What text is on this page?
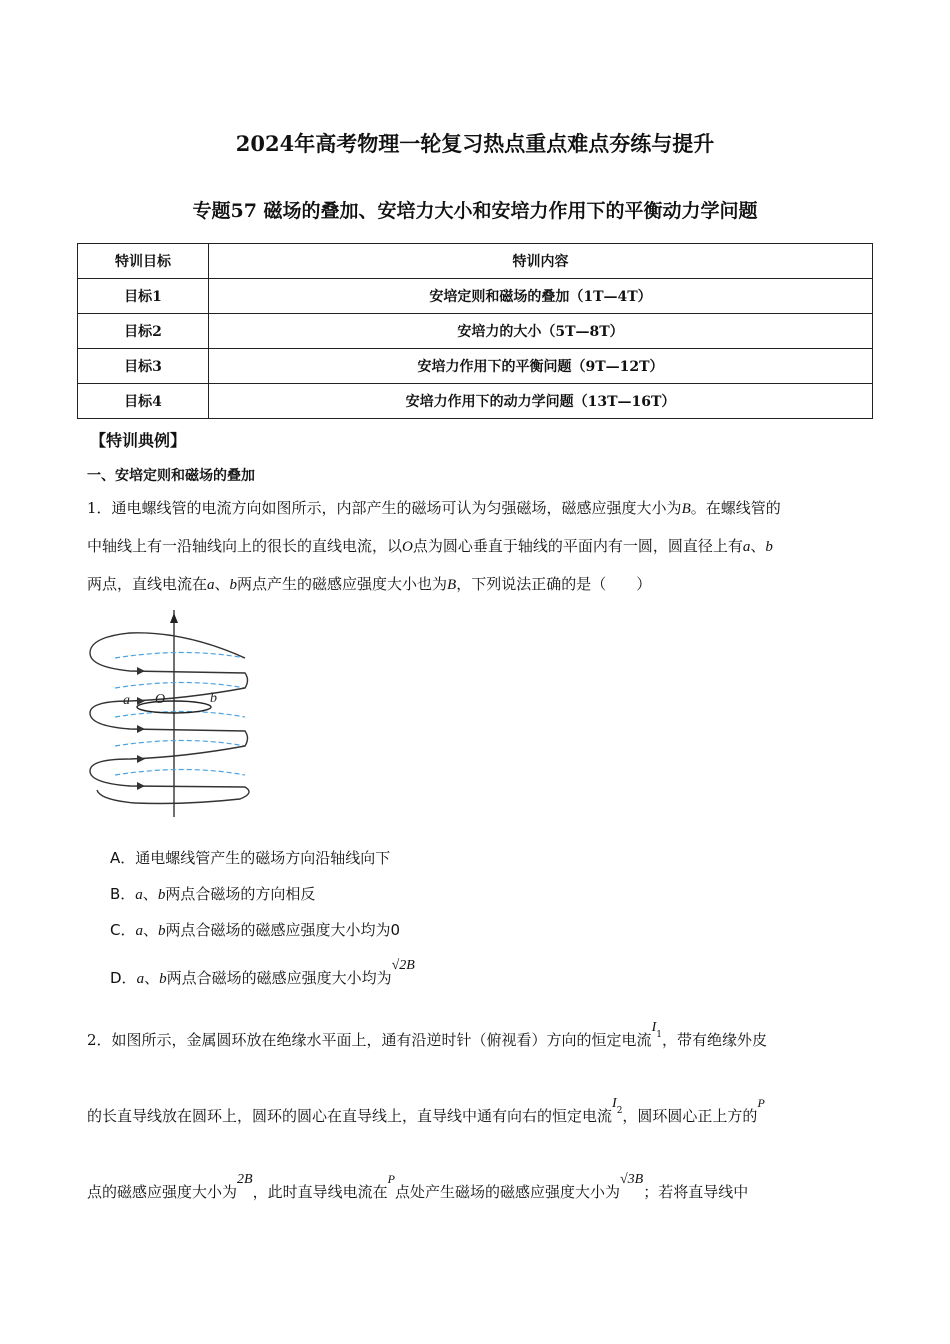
2024年高考物理一轮复习热点重点难点夯练与提升
专题57 磁场的叠加、安培力大小和安培力作用下的平衡动力学问题
特训目标	特训内容
目标1	安培定则和磁场的叠加（1T—4T）
目标2	安培力的大小（5T—8T）
目标3	安培力作用下的平衡问题（9T—12T）
目标4	安培力作用下的动力学问题（13T—16T）
【特训典例】
一、安培定则和磁场的叠加
1．通电螺线管的电流方向如图所示，内部产生的磁场可认为匀强磁场，磁感应强度大小为B。在螺线管的
中轴线上有一沿轴线向上的很长的直线电流，以O点为圆心垂直于轴线的平面内有一圆，圆直径上有a、b
两点，直线电流在a、b两点产生的磁感应强度大小也为B，下列说法正确的是（　　）
a O	b
A．通电螺线管产生的磁场方向沿轴线向下
B．a、b两点合磁场的方向相反
C．a、b两点合磁场的磁感应强度大小均为0
D．a、b两点合磁场的磁感应强度大小均为√2B
2．如图所示，金属圆环放在绝缘水平面上，通有沿逆时针（俯视看）方向的恒定电流$I^1$，带有绝缘外皮
的长直导线放在圆环上，圆环的圆心在直导线上，直导线中通有向右的恒定电流$I^2$，圆环圆心正上方的$^P$
点的磁感应强度大小为2B，此时直导线电流在$^P$点处产生磁场的磁感应强度大小为√3B；若将直导线中
